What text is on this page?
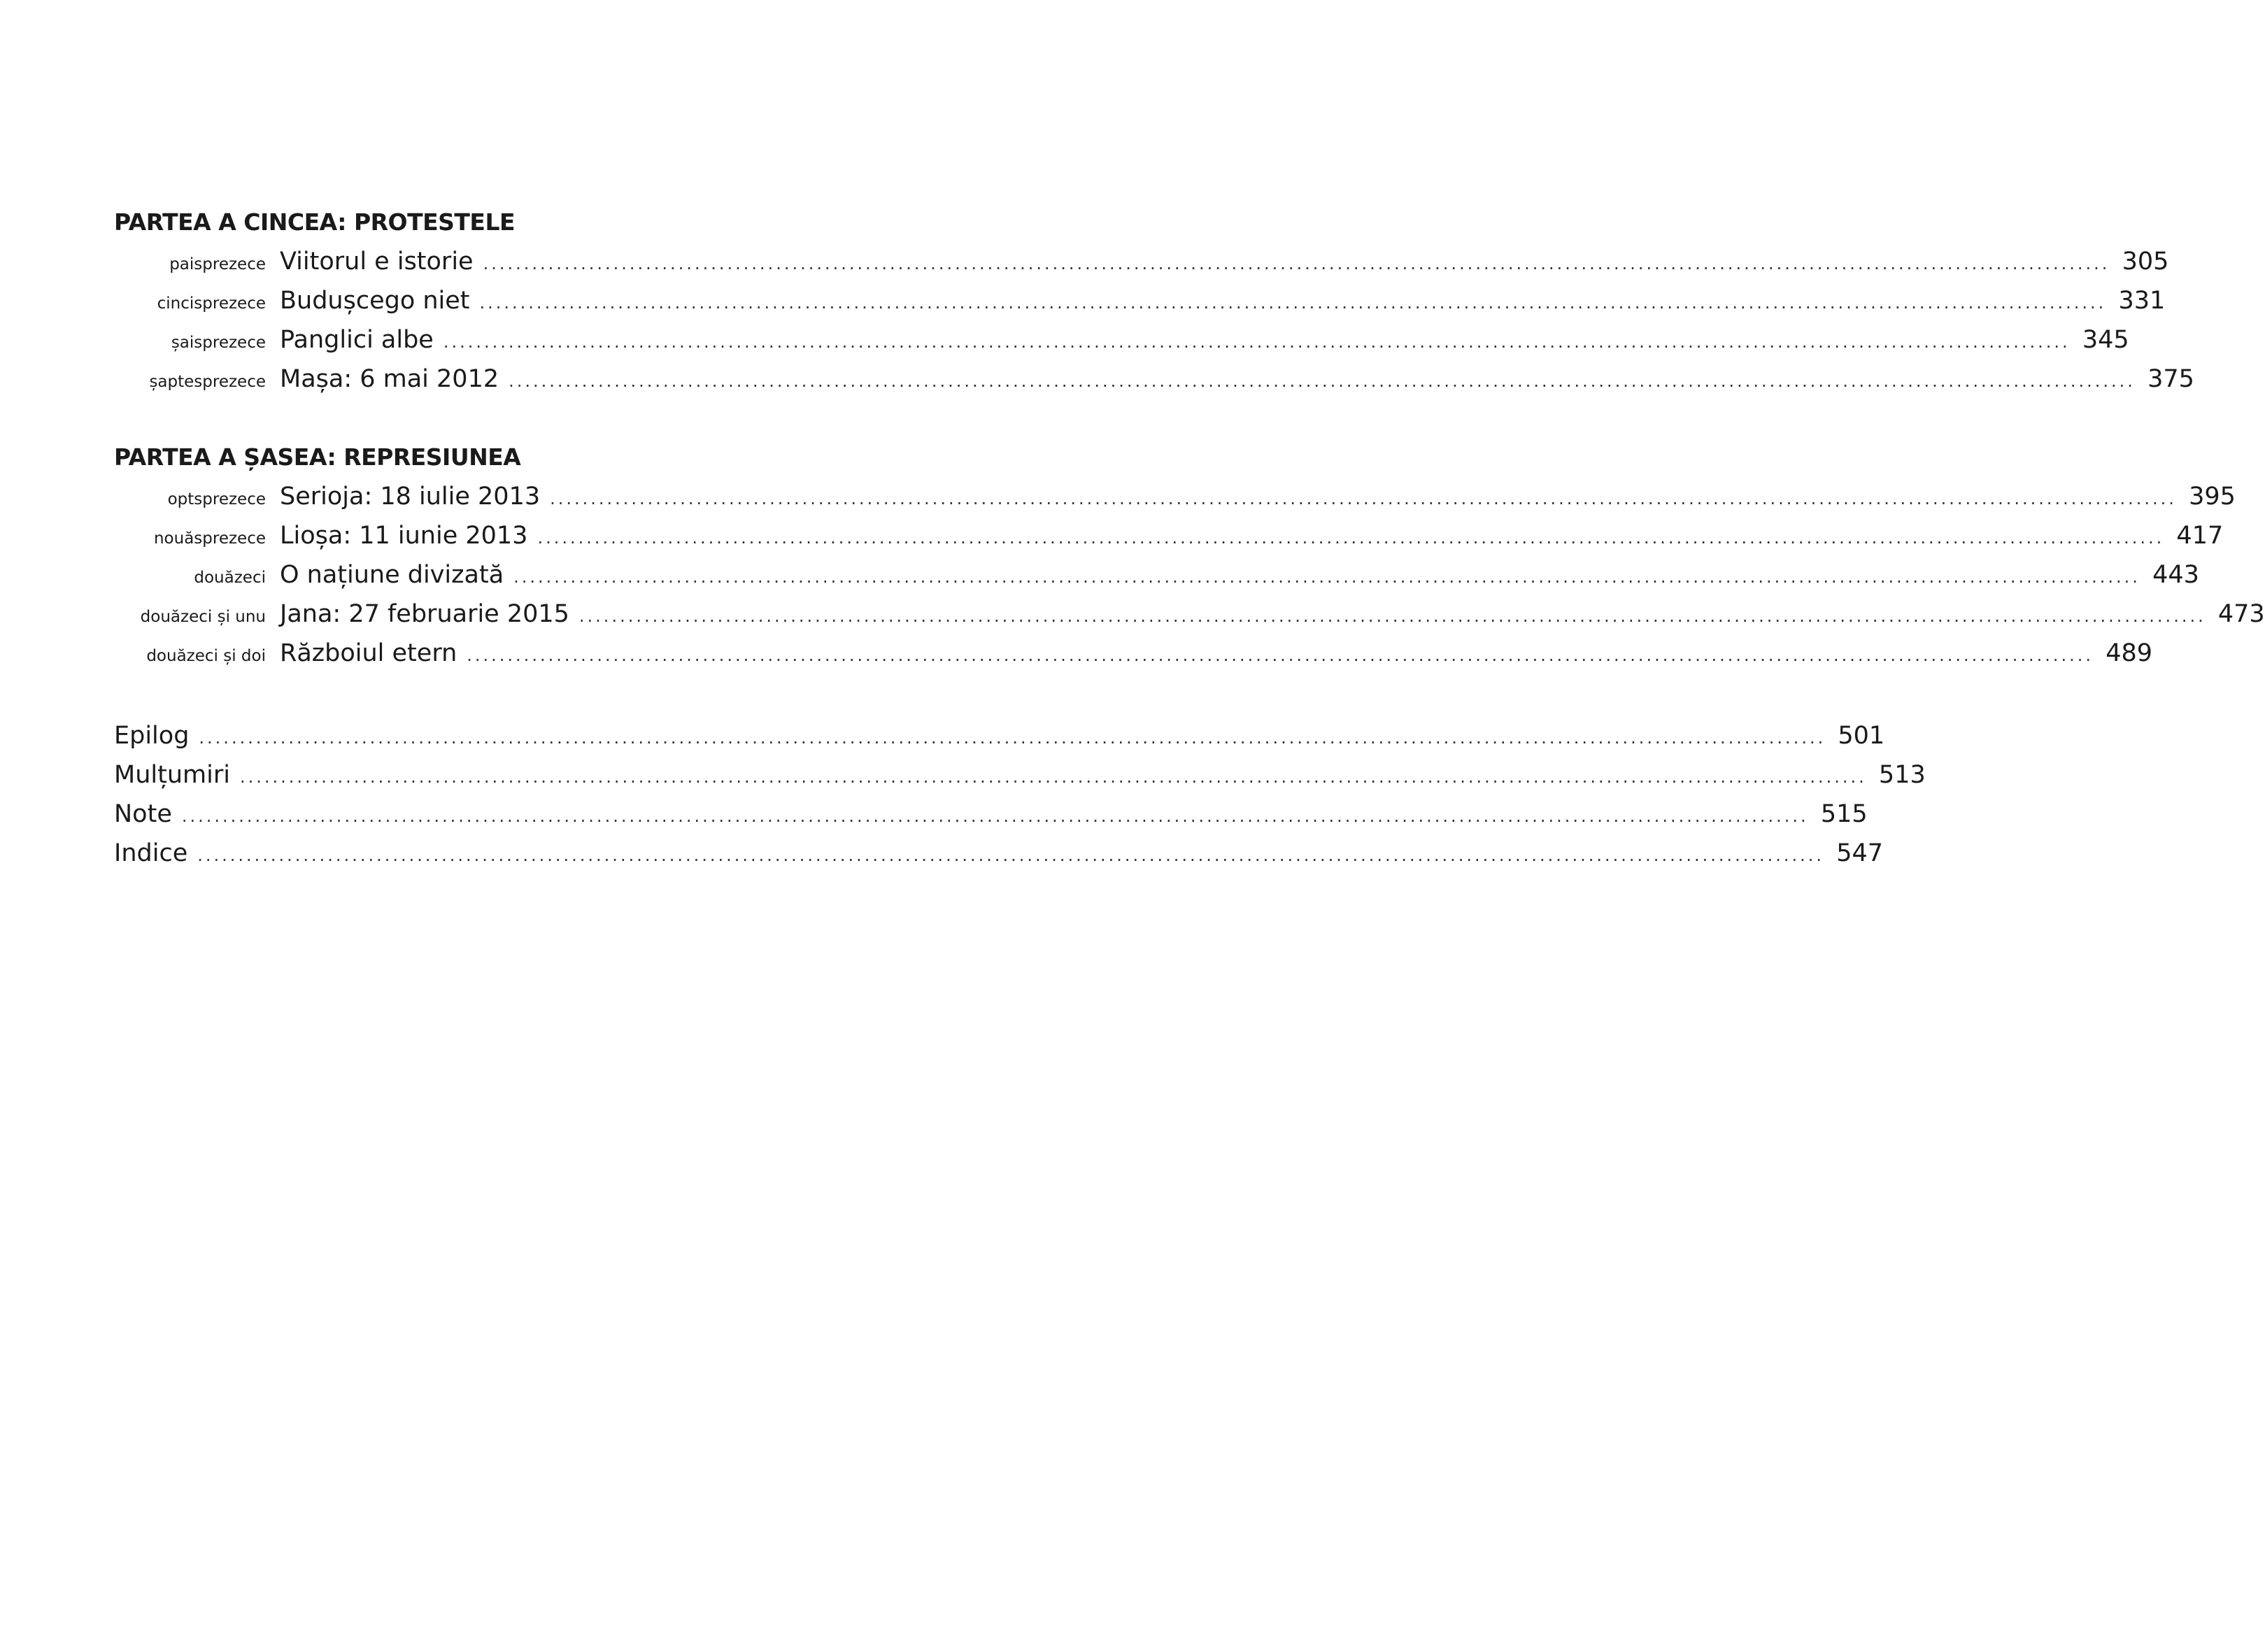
PARTEA A CINCEA: PROTESTELE
paisprezece Viitorul e istorie ........................................................................................................................................................................................................ 305
cincisprezece Budușcego niet ........................................................................................................................................................................................................ 331
șaisprezece Panglici albe ........................................................................................................................................................................................................ 345
șaptesprezece Mașa: 6 mai 2012 ........................................................................................................................................................................................................ 375
PARTEA A ȘASEA: REPRESIUNEA
optsprezece Serioja: 18 iulie 2013 ........................................................................................................................................................................................................ 395
nouăsprezece Lioșa: 11 iunie 2013 ........................................................................................................................................................................................................ 417
douăzeci O națiune divizată ........................................................................................................................................................................................................ 443
douăzeci și unu Jana: 27 februarie 2015 ........................................................................................................................................................................................................ 473
douăzeci și doi Războiul etern ........................................................................................................................................................................................................ 489
Epilog ........................................................................................................................................................................................................ 501
Mulțumiri ........................................................................................................................................................................................................ 513
Note ........................................................................................................................................................................................................ 515
Indice ........................................................................................................................................................................................................ 547
